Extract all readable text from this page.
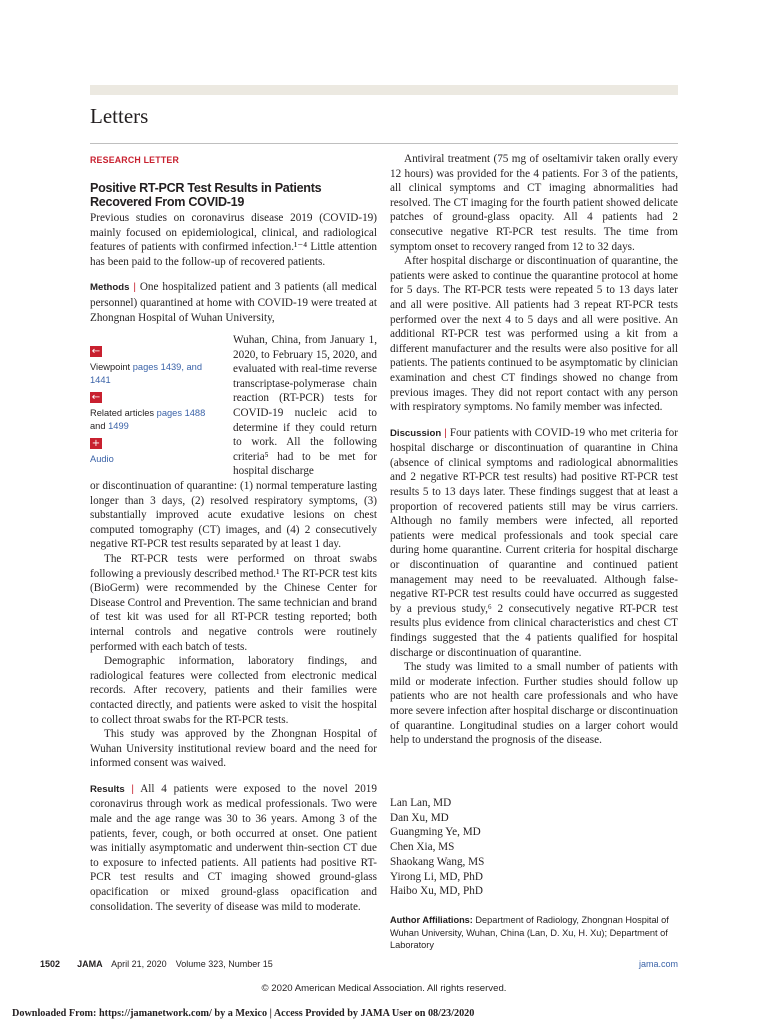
Letters
RESEARCH LETTER
Positive RT-PCR Test Results in Patients Recovered From COVID-19

Previous studies on coronavirus disease 2019 (COVID-19) mainly focused on epidemiological, clinical, and radiological features of patients with confirmed infection.¹⁻⁴ Little attention has been paid to the follow-up of recovered patients.

Methods | One hospitalized patient and 3 patients (all medical personnel) quarantined at home with COVID-19 were treated at Zhongnan Hospital of Wuhan University,

Wuhan, China, from January 1, 2020, to February 15, 2020, and evaluated with real-time reverse transcriptase-polymerase chain reaction (RT-PCR) tests for COVID-19 nucleic acid to determine if they could return to work. All the following criteria⁵ had to be met for hospital discharge

←
Viewpoint pages 1439, and
1441
←
Related articles pages 1488
and 1499
+
Audio

or discontinuation of quarantine: (1) normal temperature lasting longer than 3 days, (2) resolved respiratory symptoms, (3) substantially improved acute exudative lesions on chest computed tomography (CT) images, and (4) 2 consecutively negative RT-PCR test results separated by at least 1 day.

The RT-PCR tests were performed on throat swabs following a previously described method.¹ The RT-PCR test kits (BioGerm) were recommended by the Chinese Center for Disease Control and Prevention. The same technician and brand of test kit was used for all RT-PCR testing reported; both internal controls and negative controls were routinely performed with each batch of tests.

Demographic information, laboratory findings, and radiological features were collected from electronic medical records. After recovery, patients and their families were contacted directly, and patients were asked to visit the hospital to collect throat swabs for the RT-PCR tests.

This study was approved by the Zhongnan Hospital of Wuhan University institutional review board and the need for informed consent was waived.

Results | All 4 patients were exposed to the novel 2019 coronavirus through work as medical professionals. Two were male and the age range was 30 to 36 years. Among 3 of the patients, fever, cough, or both occurred at onset. One patient was initially asymptomatic and underwent thin-section CT due to exposure to infected patients. All patients had positive RT-PCR test results and CT imaging showed ground-glass opacification or mixed ground-glass opacification and consolidation. The severity of disease was mild to moderate.

Antiviral treatment (75 mg of oseltamivir taken orally every 12 hours) was provided for the 4 patients. For 3 of the patients, all clinical symptoms and CT imaging abnormalities had resolved. The CT imaging for the fourth patient showed delicate patches of ground-glass opacity. All 4 patients had 2 consecutive negative RT-PCR test results. The time from symptom onset to recovery ranged from 12 to 32 days.

After hospital discharge or discontinuation of quarantine, the patients were asked to continue the quarantine protocol at home for 5 days. The RT-PCR tests were repeated 5 to 13 days later and all were positive. All patients had 3 repeat RT-PCR tests performed over the next 4 to 5 days and all were positive. An additional RT-PCR test was performed using a kit from a different manufacturer and the results were also positive for all patients. The patients continued to be asymptomatic by clinician examination and chest CT findings showed no change from previous images. They did not report contact with any person with respiratory symptoms. No family member was infected.

Discussion | Four patients with COVID-19 who met criteria for hospital discharge or discontinuation of quarantine in China (absence of clinical symptoms and radiological abnormalities and 2 negative RT-PCR test results) had positive RT-PCR test results 5 to 13 days later. These findings suggest that at least a proportion of recovered patients still may be virus carriers. Although no family members were infected, all reported patients were medical professionals and took special care during home quarantine. Current criteria for hospital discharge or discontinuation of quarantine and continued patient management may need to be reevaluated. Although false-negative RT-PCR test results could have occurred as suggested by a previous study,⁶ 2 consecutively negative RT-PCR test results plus evidence from clinical characteristics and chest CT findings suggested that the 4 patients qualified for hospital discharge or discontinuation of quarantine.

The study was limited to a small number of patients with mild or moderate infection. Further studies should follow up patients who are not health care professionals and who have more severe infection after hospital discharge or discontinuation of quarantine. Longitudinal studies on a larger cohort would help to understand the prognosis of the disease.

Lan Lan, MD
Dan Xu, MD
Guangming Ye, MD
Chen Xia, MS
Shaokang Wang, MS
Yirong Li, MD, PhD
Haibo Xu, MD, PhD
Author Affiliations: Department of Radiology, Zhongnan Hospital of Wuhan University, Wuhan, China (Lan, D. Xu, H. Xu); Department of Laboratory
1502 JAMA April 21, 2020 Volume 323, Number 15	jama.com
© 2020 American Medical Association. All rights reserved.
Downloaded From: https://jamanetwork.com/ by a Mexico | Access Provided by JAMA User on 08/23/2020
